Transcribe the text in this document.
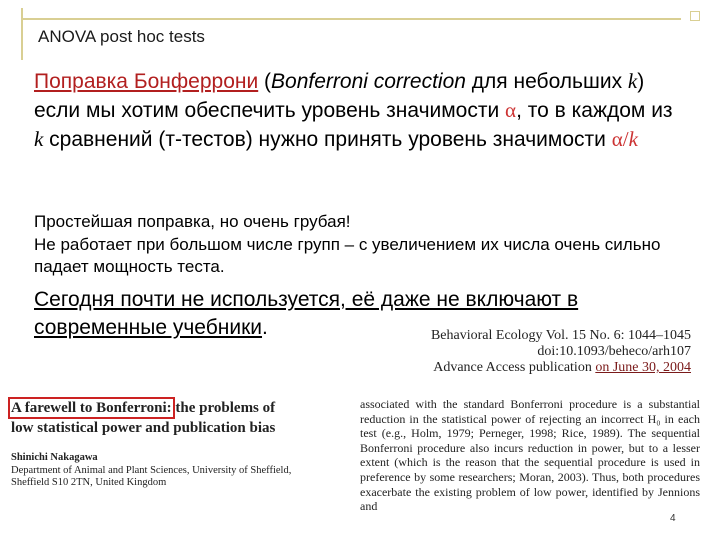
ANOVA post hoc tests
Поправка Бонферрони (Bonferroni correction для небольших k)
если мы хотим обеспечить уровень значимости α, то в каждом из k сравнений (т-тестов) нужно принять уровень значимости α/k
Простейшая поправка, но очень грубая!
Не работает при большом числе групп – с увеличением их числа очень сильно падает мощность теста.
Сегодня почти не используется, её даже не включают в современные учебники.	Behavioral Ecology Vol. 15 No. 6: 1044–1045
doi:10.1093/beheco/arh107
Advance Access publication on June 30, 2004
A farewell to Bonferroni: the problems of
low statistical power and publication bias
Shinichi Nakagawa
Department of Animal and Plant Sciences, University of Sheffield,
Sheffield S10 2TN, United Kingdom
associated with the standard Bonferroni procedure is a substantial reduction in the statistical power of rejecting an incorrect H₀ in each test (e.g., Holm, 1979; Perneger, 1998; Rice, 1989). The sequential Bonferroni procedure also incurs reduction in power, but to a lesser extent (which is the reason that the sequential procedure is used in preference by some researchers; Moran, 2003). Thus, both procedures exacerbate the existing problem of low power, identified by Jennions and
4
